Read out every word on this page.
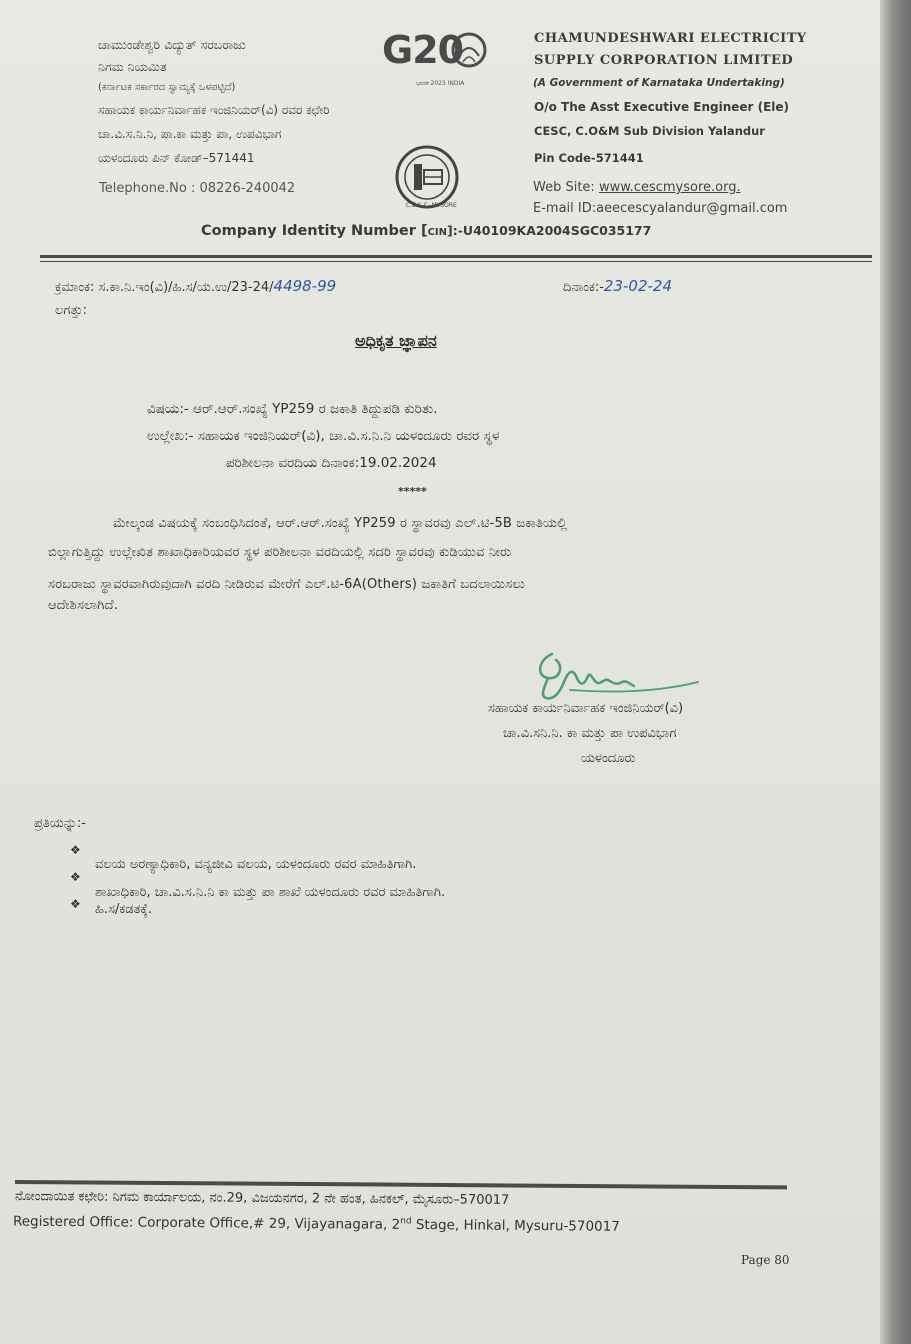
ಚಾಮುಂಡೇಶ್ವರಿ ವಿದ್ಯುತ್ ಸರಬರಾಜು
ನಿಗಮ ನಿಯಮಿತ
(ಕರ್ನಾಟಕ ಸರ್ಕಾರದ ಸ್ವಾಮ್ಯಕ್ಕೆ ಒಳಪಟ್ಟಿದೆ)
ಸಹಾಯಕ ಕಾರ್ಯನಿರ್ವಾಹಕ ಇಂಜಿನಿಯರ್(ವಿ) ರವರ ಕಛೇರಿ
ಚಾ.ವಿ.ಸ.ನಿ.ನಿ, ಪಾ.ಕಾ ಮತ್ತು ಪಾ, ಉಪವಿಭಾಗ
ಯಳಂದೂರು ಪಿನ್ ಕೋಡ್–571441
Telephone.No : 08226-240042
G20
ಭಾರತ 2023 INDIA
C.E.S.C. MYSORE
CHAMUNDESHWARI ELECTRICITY
SUPPLY CORPORATION LIMITED
(A Government of Karnataka Undertaking)
O/o The Asst Executive Engineer (Ele)
CESC, C.O&M Sub Division Yalandur
Pin Code-571441
Web Site: www.cescmysore.org.
E-mail ID:aeecescyalandur@gmail.com
Company Identity Number [CIN]:-U40109KA2004SGC035177
ಕ್ರಮಾಂಕ: ಸ.ಕಾ.ನಿ.ಇಂ(ವಿ)/ಹಿ.ಸ/ಯ.ಉ/23-24/4498-99	ದಿನಾಂಕ:-23-02-24
ಲಗತ್ತು:
ಅಧಿಕೃತ ಜ್ಞಾಪನ
ವಿಷಯ:- ಆರ್.ಆರ್.ಸಂಖ್ಯೆ YP259 ರ ಜಕಾತಿ ತಿದ್ದುಪಡಿ ಕುರಿತು.
ಉಲ್ಲೇಖ:- ಸಹಾಯಕ ಇಂಜಿನಿಯರ್(ವಿ), ಚಾ.ವಿ.ಸ.ನಿ.ನಿ ಯಳಂದೂರು ರವರ ಸ್ಥಳ
ಪರಿಶೀಲನಾ ವರದಿಯ ದಿನಾಂಕ:19.02.2024
*****
ಮೇಲ್ಕಂಡ ವಿಷಯಕ್ಕೆ ಸಂಬಂಧಿಸಿದಂತೆ, ಆರ್.ಆರ್.ಸಂಖ್ಯೆ YP259 ರ ಸ್ಥಾವರವು ಎಲ್.ಟಿ-5B ಜಕಾತಿಯಲ್ಲಿ
ಬಿಲ್ಲಾಗುತ್ತಿದ್ದು ಉಲ್ಲೇಖಿತ ಶಾಖಾಧಿಕಾರಿಯವರ ಸ್ಥಳ ಪರಿಶೀಲನಾ ವರದಿಯಲ್ಲಿ ಸದರಿ ಸ್ಥಾವರವು ಕುಡಿಯುವ ನೀರು
ಸರಬರಾಜು ಸ್ಥಾವರವಾಗಿರುವುದಾಗಿ ವರದಿ ನೀಡಿರುವ ಮೇರೆಗೆ ಎಲ್.ಟಿ-6A(Others) ಜಕಾತಿಗೆ ಬದಲಾಯಿಸಲು
ಆದೇಶಿಸಲಾಗಿದೆ.
ಸಹಾಯಕ ಕಾರ್ಯನಿರ್ವಾಹಕ ಇಂಜಿನಿಯರ್(ವಿ)
ಚಾ.ವಿ.ಸನಿ.ನಿ. ಕಾ ಮತ್ತು ಪಾ ಉಪವಿಭಾಗ
ಯಳಂದೂರು
ಪ್ರತಿಯನ್ನು:-
❖
ವಲಯ ಅರಣ್ಯಾಧಿಕಾರಿ, ವನ್ಯಜೀವಿ ವಲಯ, ಯಳಂದೂರು ರವರ ಮಾಹಿತಿಗಾಗಿ.
❖
ಶಾಖಾಧಿಕಾರಿ, ಚಾ.ವಿ.ಸ.ನಿ.ನಿ ಕಾ ಮತ್ತು ಪಾ ಶಾಖೆ ಯಳಂದೂರು ರವರ ಮಾಹಿತಿಗಾಗಿ.
❖ ಹಿ.ಸ/ಕಡತಕ್ಕೆ.
ನೋಂದಾಯಿತ ಕಛೇರಿ: ನಿಗಮ ಕಾರ್ಯಾಲಯ, ನಂ.29, ವಿಜಯನಗರ, 2 ನೇ ಹಂತ, ಹಿನಕಲ್, ಮೈಸೂರು–570017
Registered Office: Corporate Office,# 29, Vijayanagara, 2nd Stage, Hinkal, Mysuru-570017
Page 80
